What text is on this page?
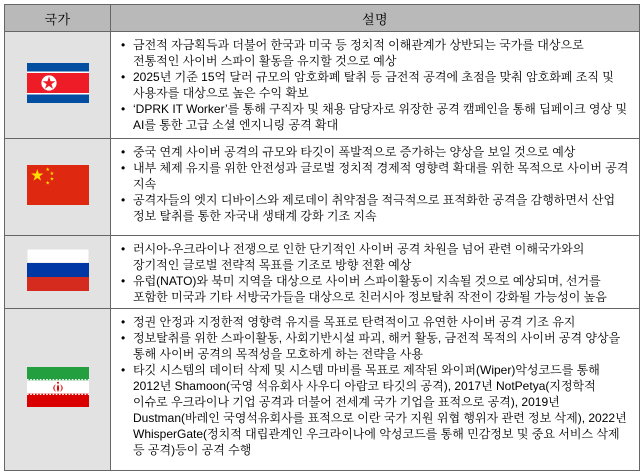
국가	설명

• 금전적 자금획득과 더불어 한국과 미국 등 정치적 이해관계가 상반되는 국가를 대상으로 전통적인 사이버 스파이 활동을 유지할 것으로 예상
• 2025년 기준 15억 달러 규모의 암호화폐 탈취 등 금전적 공격에 초점을 맞춰 암호화폐 조직 및 사용자를 대상으로 높은 수익 확보
• ‘DPRK IT Worker’를 통해 구직자 및 채용 담당자로 위장한 공격 캠페인을 통해 딥페이크 영상 및 AI를 통한 고급 소셜 엔지니링 공격 확대

• 중국 연계 사이버 공격의 규모와 타깃이 폭발적으로 증가하는 양상을 보일 것으로 예상
• 내부 체제 유지를 위한 안전성과 글로벌 정치적 경제적 영향력 확대를 위한 목적으로 사이버 공격 지속
• 공격자들의 엣지 디바이스와 제로데이 취약점을 적극적으로 표적화한 공격을 감행하면서 산업 정보 탈취를 통한 자국내 생태계 강화 기조 지속

• 러시아-우크라이나 전쟁으로 인한 단기적인 사이버 공격 차원을 넘어 관련 이해국가와의 장기적인 글로벌 전략적 목표를 기조로 방향 전환 예상
• 유럽(NATO)와 북미 지역을 대상으로 사이버 스파이활동이 지속될 것으로 예상되며, 선거를 포함한 미국과 기타 서방국가들을 대상으로 친러시아 정보탈취 작전이 강화될 가능성이 높음

• 정권 안정과 지정한적 영향력 유지를 목표로 탄력적이고 유연한 사이버 공격 기조 유지
• 정보탈취를 위한 스파이활동, 사회기반시설 파괴, 해커 활동, 금전적 목적의 사이버 공격 양상을 통해 사이버 공격의 목적성을 모호하게 하는 전략을 사용
• 타깃 시스템의 데이터 삭제 및 시스템 마비를 목표로 제작된 와이퍼(Wiper)악성코드를 통해 2012년 Shamoon(국영 석유회사 사우디 아람코 타깃의 공격), 2017년 NotPetya(지정학적 이슈로 우크라이나 기업 공격과 더불어 전세계 국가 기업을 표적으로 공격), 2019년 Dustman(바레인 국영석유회사를 표적으로 이란 국가 지원 위협 행위자 관련 정보 삭제), 2022년 WhisperGate(정치적 대립관계인 우크라이나에 악성코드를 통해 민감정보 및 중요 서비스 삭제 등 공격)등이 공격 수행
